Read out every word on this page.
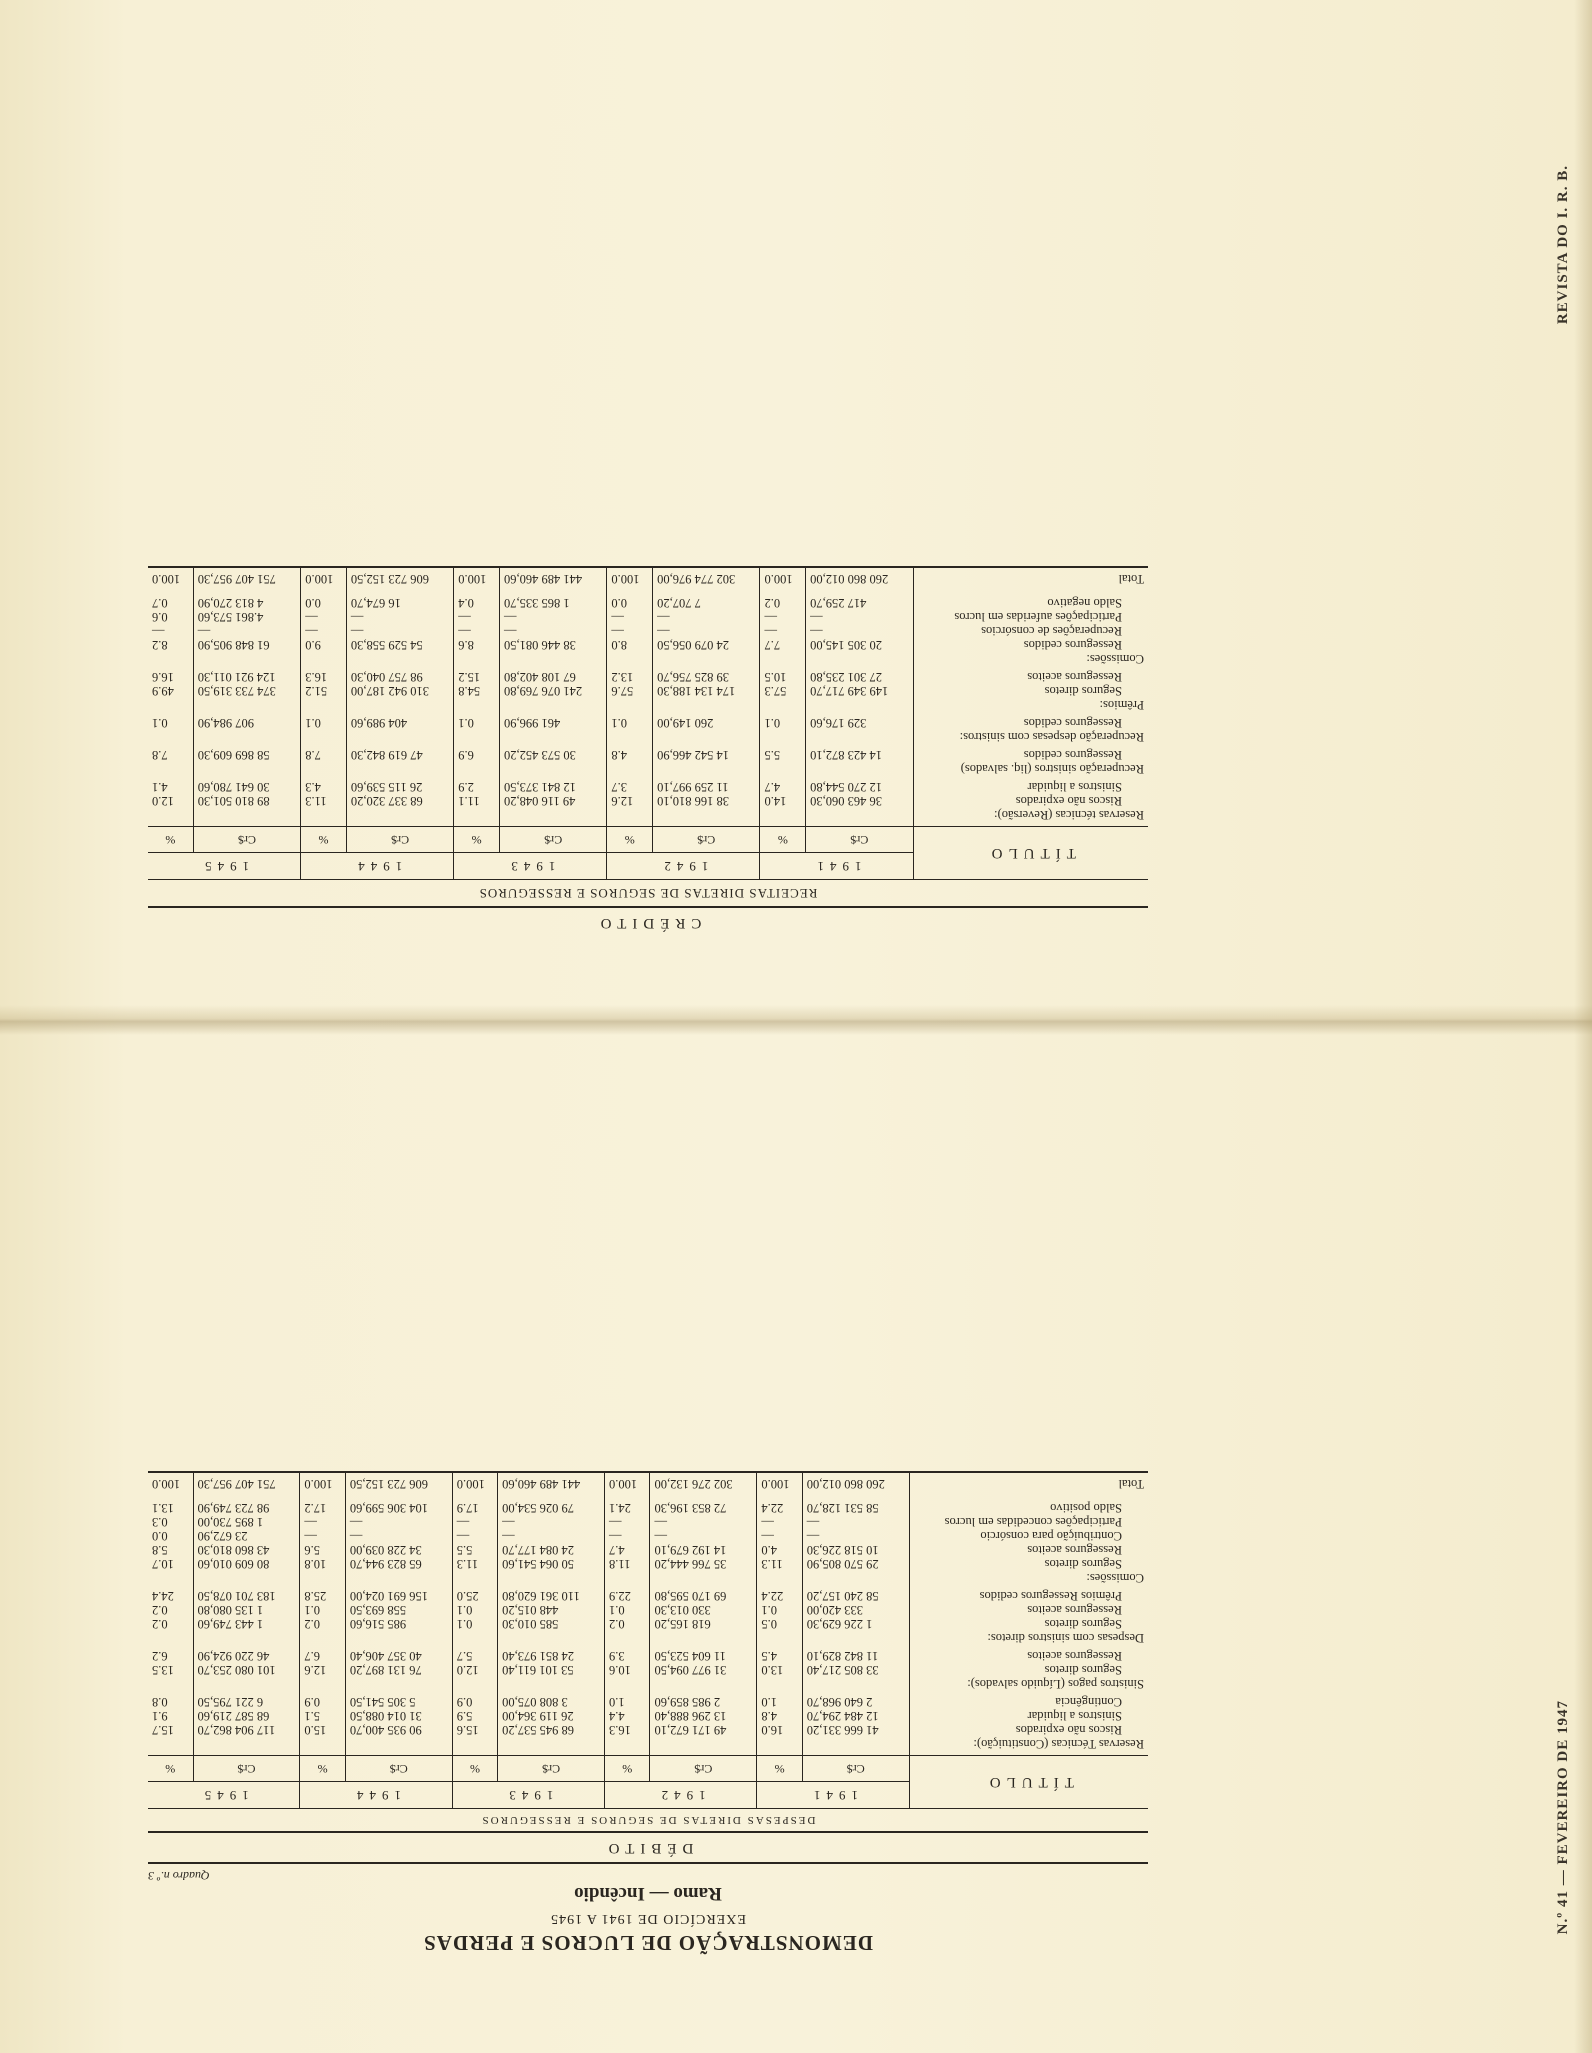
REVISTA DO I. R. B.
N.º 41 — FEVEREIRO DE 1947
CRÉDITO
RECEITAS DIRETAS DE SEGUROS E RESSEGUROS
TÍTULO	1941		1942		1943		1944		1945	
	Cr$	%	Cr$	%	Cr$	%	Cr$	%	Cr$	%
Reservas técnicas (Reversão):										
Riscos não expirados	36 463 060,30	14.0	38 166 810,10	12.6	49 116 048,20	11.1	68 337 320,20	11.3	89 810 501,30	12.0
Sinistros a liquidar	12 270 544,80	4.7	11 259 997,10	3.7	12 841 373,50	2.9	26 115 539,60	4.3	30 641 780,60	4.1
Recuperação sinistros (liq. salvados)										
Resseguros cedidos	14 423 872,10	5.5	14 542 466,90	4.8	30 573 452,20	6.9	47 619 842,30	7.8	58 869 609,30	7.8
Recuperação despesas com sinistros:										
Resseguros cedidos	329 176,60	0.1	260 149,00	0.1	461 996,90	0.1	404 989,60	0.1	907 984,90	0.1
Prêmios:										
Seguros diretos	149 349 717,70	57.3	174 134 188,30	57.6	241 076 769,80	54.8	310 942 187,00	51.2	374 733 319,50	49.9
Resseguros aceitos	27 301 235,80	10.5	39 825 756,70	13.2	67 108 402,80	15.2	98 757 040,30	16.3	124 921 011,30	16.6
Comissões:										
Resseguros cedidos	20 305 145,00	7.7	24 079 056,50	8.0	38 446 081,50	8.6	54 529 558,30	9.0	61 848 905,90	8.2
Recuperações de consórcios	—	—	—	—	—	—	—	—	—	—
Participações auferidas em lucros	—	—	—	—	—	—	—	—	4.861 573,60	0.6
Saldo negativo	417 259,70	0.2	7 707,20	0.0	1 865 335,70	0.4	16 674,70	0.0	4 813 270,90	0.7
Total	260 860 012,00	100.0	302 774 976,00	100.0	441 489 460,60	100.0	606 723 152,50	100.0	751 407 957,30	100.0
DEMONSTRAÇÃO DE LUCROS E PERDAS
EXERCÍCIO DE 1941 A 1945
Ramo — Incêndio
Quadro n.º 3
DÉBITO
DESPESAS DIRETAS DE SEGUROS E RESSEGUROS
TÍTULO	1941		1942		1943		1944		1945	
	Cr$	%	Cr$	%	Cr$	%	Cr$	%	Cr$	%
Reservas Técnicas (Constituição):										
Riscos não expirados	41 666 331,20	16.0	49 171 672,10	16.3	68 945 537,20	15.6	90 935 400,70	15.0	117 904 862,70	15.7
Sinistros a liquidar	12 484 294,70	4.8	13 296 888,40	4.4	26 119 364,00	5.9	31 014 088,50	5.1	68 587 219,60	9.1
Contingência	2 640 968,70	1.0	2 985 859,60	1.0	3 808 075,00	0.9	5 305 541,50	0.9	6 221 795,50	0.8
Sinistros pagos (Líquido salvados):										
Seguros diretos	33 805 217,40	13.0	31 977 094,50	10.6	53 101 611,40	12.0	76 131 897,20	12.6	101 080 253,70	13.5
Resseguros aceitos	11 842 829,10	4.5	11 604 523,50	3.9	24 851 973,40	5.7	40 357 406,40	6.7	46 220 924,90	6.2
Despesas com sinistros diretos:										
Seguros diretos	1 226 629,30	0.5	618 165,20	0.2	585 010,30	0.1	985 516,60	0.2	1 443 749,60	0.2
Resseguros aceitos	333 420,00	0.1	330 013,30	0.1	448 015,20	0.1	558 693,50	0.1	1 135 080,80	0.2
Prêmios Resseguros cedidos	58 240 157,20	22.4	69 170 595,80	22.9	110 361 620,80	25.0	156 691 024,00	25.8	183 701 078,50	24.4
Comissões:										
Seguros diretos	29 570 805,90	11.3	35 766 444,20	11.8	50 064 541,60	11.3	65 823 944,70	10.8	80 609 010,60	10.7
Resseguros aceitos	10 518 226,30	4.0	14 192 679,10	4.7	24 084 177,70	5.5	34 228 039,00	5.6	43 860 810,30	5.8
Contribuição para consórcio	—	—	—	—	—	—	—	—	23 672,90	0.0
Participações concedidas em lucros	—	—	—	—	—	—	—	—	1 895 730,00	0.3
Saldo positivo	58 531 128,70	22.4	72 853 196,30	24.1	79 026 534,00	17.9	104 306 599,60	17.2	98 723 749,90	13.1
Total	260 860 012,00	100.0	302 276 132,00	100.0	441 489 460,60	100.0	606 723 152,50	100.0	751 407 957,30	100.0
